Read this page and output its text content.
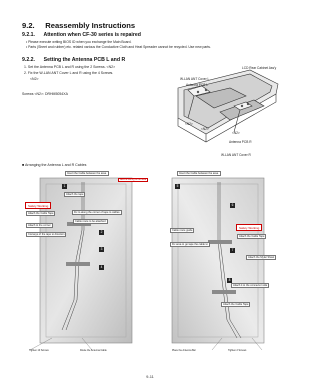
9.2. Reassembly Instructions
9.2.1. Attention when CF-30 series is repaired
• Please execute writing BIOS ID when you exchange the Main Board.
• Parts (Sheet and rubber) etc. related various the Conductive Cloth and Heat Spreader cannot be recycled. Use new parts.
9.2.2. Setting the Antenna PCB L and R
1. Set the Antenna PCB L and R using the 2 Screws. <N2>
2. Fix the W-LAN ANT Cover L and R using the 4 Screws.
<N2>
Screws <N2>: DRHM5054XA
LCD Rear Cabinet Ass'y
W-LAN ANT Cover L
Antenna PCB L
Antenna PCB R
W-LAN ANT Cover R
<N2>
<N2>
<N2>
■ Arranging the Antenna L and R Cables
Insert the Cable between the area.
Attach the tape
Attach the Cable Tape
Attach to the corner
Fix to along the corner of tape to cables
Cable route to be attached
Conveys of the tape to direction
Safety Working
Bend a Wiring of the area
Insert the Cable between the area.
Cable route guide
Fix area to go tape the cable to
Attach the Cable Tape
Attach the Mylar Sheet
Attach it to the connector side
Attach the Cable Tape
Safety Working
1
2
3
4
5
6
7
8
Tighten 10 Screws	Route the Antenna Cable	Place the Antenna Bar	Tighten 2 Screws
9-11
